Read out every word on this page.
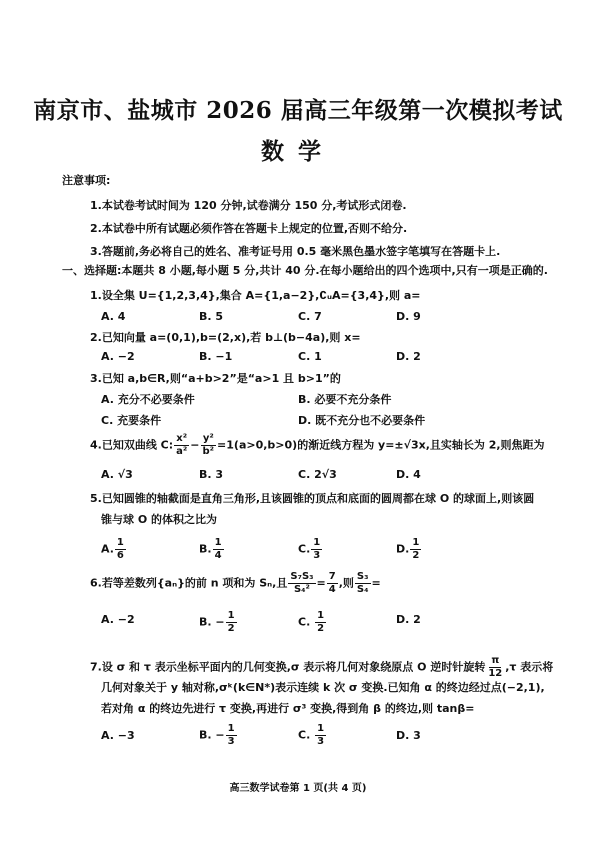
南京市、盐城市 2026 届高三年级第一次模拟考试
数学
注意事项:
1.本试卷考试时间为 120 分钟,试卷满分 150 分,考试形式闭卷.
2.本试卷中所有试题必须作答在答题卡上规定的位置,否则不给分.
3.答题前,务必将自己的姓名、准考证号用 0.5 毫米黑色墨水签字笔填写在答题卡上.
一、选择题:本题共 8 小题,每小题 5 分,共计 40 分.在每小题给出的四个选项中,只有一项是正确的.
1.设全集 U={1,2,3,4},集合 A={1,a−2},∁ᵤA={3,4},则 a=
A. 4	B. 5	C. 7	D. 9
2.已知向量 a=(0,1),b=(2,x),若 b⊥(b−4a),则 x=
A. −2	B. −1	C. 1	D. 2
3.已知 a,b∈R,则“a+b>2”是“a>1 且 b>1”的
A. 充分不必要条件	B. 必要不充分条件
C. 充要条件	D. 既不充分也不必要条件
4.已知双曲线 C: $\frac{\text{x²}}{\text{a²}} - \frac{\text{y²}}{\text{b²}} =1(a>0,b>0)$的渐近线方程为 y=±√3x,且实轴长为 2,则焦距为
A. √3	B. 3	C. 2√3	D. 4
5.已知圆锥的轴截面是直角三角形,且该圆锥的顶点和底面的圆周都在球 O 的球面上,则该圆
锥与球 O 的体积之比为
A. $\frac{1}{6}$	B. $\frac{1}{4}$	C. $\frac{1}{3}$	D. $\frac{1}{2}$
6.若等差数列{aₙ}的前 n 项和为 Sₙ,且 $\frac{\text{S₇S₃}}{\text{S₄²}} = \frac{7}{4}$ ,则 $\frac{\text{S₃}}{\text{S₄}}$ =
A. −2	B. − $\frac{1}{2}$	C. $\frac{1}{2}$	D. 2
7.设 σ 和 τ 表示坐标平面内的几何变换,σ 表示将几何对象绕原点 O 逆时针旋转 $\frac{\pi}{12} ,\tau$ 表示将
几何对象关于 y 轴对称,σᵏ(k∈N*)表示连续 k 次 σ 变换.已知角 α 的终边经过点(−2,1),
若对角 α 的终边先进行 τ 变换,再进行 σ³ 变换,得到角 β 的终边,则 tanβ=
A. −3	B. − $\frac{1}{3}$	C. $\frac{1}{3}$	D. 3
高三数学试卷第 1 页(共 4 页)
